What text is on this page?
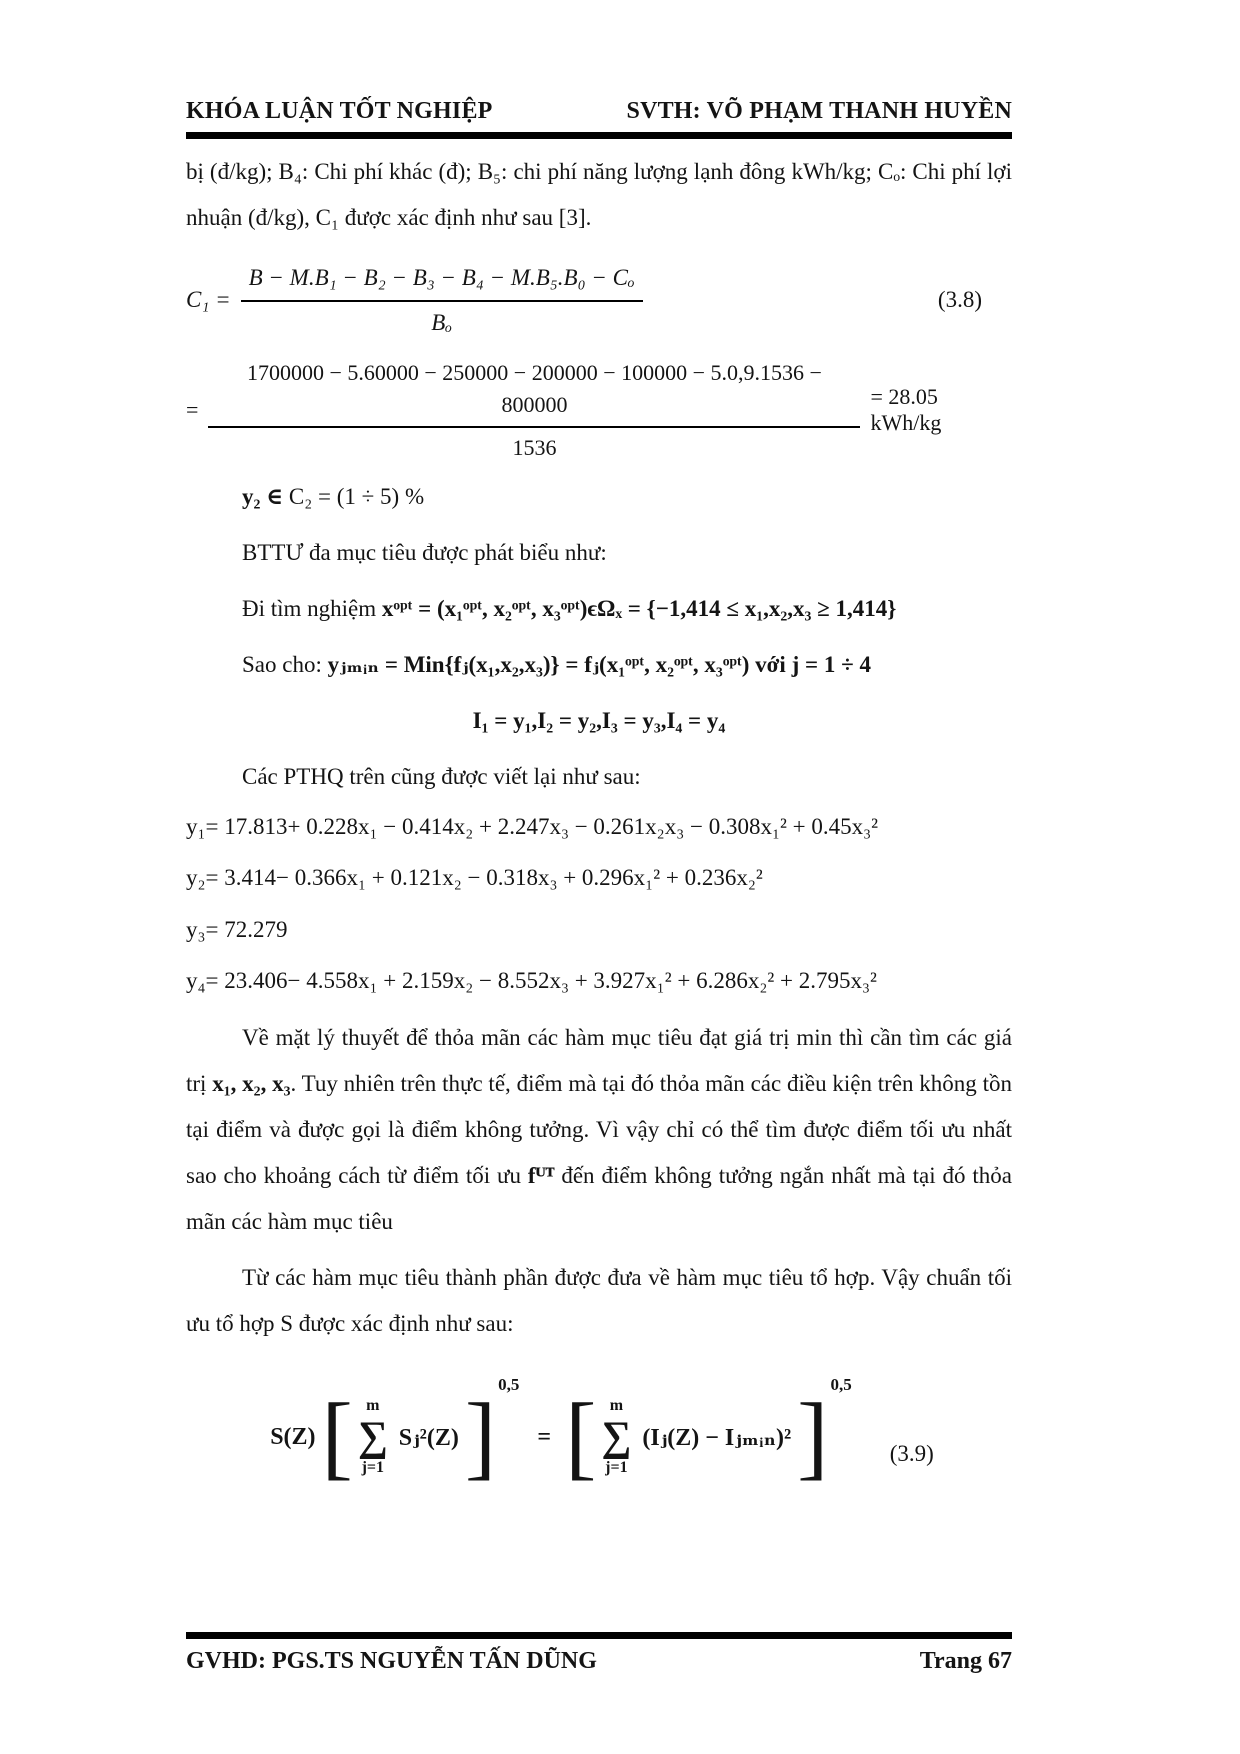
KHÓA LUẬN TỐT NGHIỆP	SVTH: VÕ PHẠM THANH HUYỀN

bị (đ/kg); B₄: Chi phí khác (đ); B₅: chi phí năng lượng lạnh đông kWh/kg; Cₒ: Chi phí lợi nhuận (đ/kg), C₁ được xác định như sau [3].

$C_1 = \frac{\text{B − M.B₁ − B₂ − B₃ − B₄ − M.B₅.B₀ − Cₒ}}{\text{Bₒ}}$	(3.8)
=
1700000 − 5.60000 − 250000 − 200000 − 100000 − 5.0,9.1536 − 800000
1536
= 28.05 kWh/kg

y₂ ∈ C₂ = (1 ÷ 5) %

BTTƯ đa mục tiêu được phát biểu như:

Đi tìm nghiệm xᵒᵖᵗ = (x₁ᵒᵖᵗ, x₂ᵒᵖᵗ, x₃ᵒᵖᵗ)ϵΩₓ = {−1,414 ≤ x₁,x₂,x₃ ≥ 1,414}

Sao cho: yⱼₘᵢₙ = Min{fⱼ(x₁,x₂,x₃)} = fⱼ(x₁ᵒᵖᵗ, x₂ᵒᵖᵗ, x₃ᵒᵖᵗ) với j = 1 ÷ 4

I₁ = y₁,I₂ = y₂,I₃ = y₃,I₄ = y₄

Các PTHQ trên cũng được viết lại như sau:

y₁= 17.813+ 0.228x₁ − 0.414x₂ + 2.247x₃ − 0.261x₂x₃ − 0.308x₁² + 0.45x₃²

y₂= 3.414− 0.366x₁ + 0.121x₂ − 0.318x₃ + 0.296x₁² + 0.236x₂²

y₃= 72.279

y₄= 23.406− 4.558x₁ + 2.159x₂ − 8.552x₃ + 3.927x₁² + 6.286x₂² + 2.795x₃²

Về mặt lý thuyết để thỏa mãn các hàm mục tiêu đạt giá trị min thì cần tìm các giá trị x₁, x₂, x₃. Tuy nhiên trên thực tế, điểm mà tại đó thỏa mãn các điều kiện trên không tồn tại điểm và được gọi là điểm không tưởng. Vì vậy chỉ có thể tìm được điểm tối ưu nhất sao cho khoảng cách từ điểm tối ưu fᵁᵀ đến điểm không tưởng ngắn nhất mà tại đó thỏa mãn các hàm mục tiêu

Từ các hàm mục tiêu thành phần được đưa về hàm mục tiêu tổ hợp. Vậy chuẩn tối ưu tổ hợp S được xác định như sau:

S(Z) [ m
∑
j=1
Sⱼ²(Z) ]
0,5
= [ m
∑
j=1
(Iⱼ(Z) − Iⱼₘᵢₙ)² ]
0,5
(3.9)
GVHD: PGS.TS NGUYỄN TẤN DŨNG	Trang 67
